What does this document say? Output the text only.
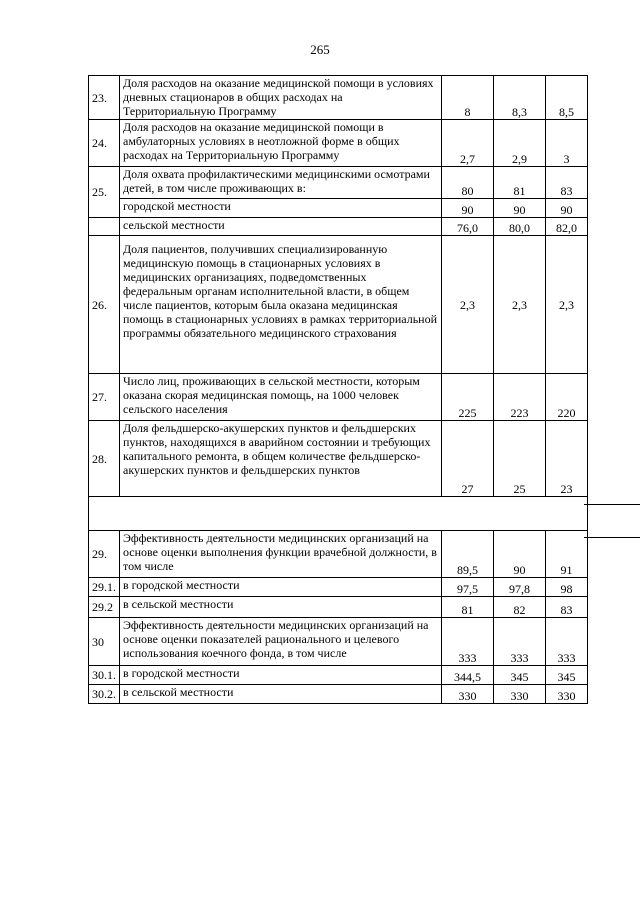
265
23.	Доля расходов на оказание медицинской помощи в условиях дневных стационаров в общих расходах на Территориальную Программу	8	8,3	8,5
24.	Доля расходов на оказание медицинской помощи в амбулаторных условиях в неотложной форме в общих расходах на Территориальную Программу	2,7	2,9	3
25.	Доля охвата профилактическими медицинскими осмотрами детей, в том числе проживающих в:	80	81	83
	городской местности	90	90	90
	сельской местности	76,0	80,0	82,0
26.	Доля пациентов, получивших специализированную медицинскую помощь в стационарных условиях в медицинских организациях, подведомственных федеральным органам исполнительной власти, в общем числе пациентов, которым была оказана медицинская помощь в стационарных условиях в рамках территориальной программы обязательного медицинского страхования	2,3	2,3	2,3
27.	Число лиц, проживающих в сельской местности, которым оказана скорая медицинская помощь, на 1000 человек сельского населения	225	223	220
28.	Доля фельдшерско-акушерских пунктов и фельдшерских пунктов, находящихся в аварийном состоянии и требующих капитального ремонта, в общем количестве фельдшерско-акушерских пунктов и фельдшерских пунктов	27	25	23

29.	Эффективность деятельности медицинских организаций на основе оценки выполнения функции врачебной должности, в том числе	89,5	90	91
29.1.	в городской местности	97,5	97,8	98
29.2	в сельской местности	81	82	83
30	Эффективность деятельности медицинских организаций на основе оценки показателей рационального и целевого использования коечного фонда, в том числе	333	333	333
30.1.	в городской местности	344,5	345	345
30.2.	в сельской местности	330	330	330
